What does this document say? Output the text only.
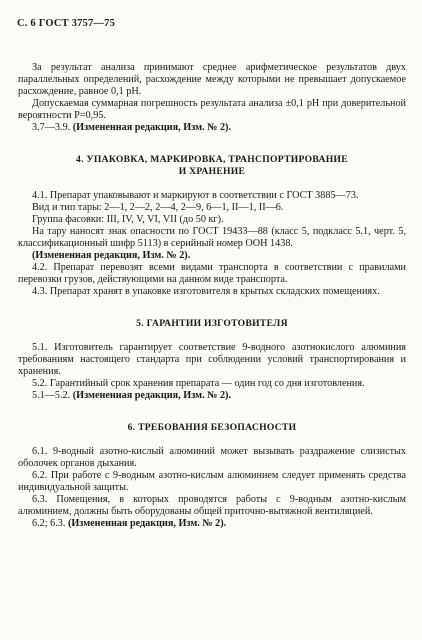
С. 6 ГОСТ 3757—75

За результат анализа принимают среднее арифметическое результатов двух параллельных определений, расхождение между которыми не превышает допускаемое расхождение, равное 0,1 pH.

Допускаемая суммарная погрешность результата анализа ±0,1 pH при доверительной вероятности P=0,95.

3.7—3.9. (Измененная редакция, Изм. № 2).

4. УПАКОВКА, МАРКИРОВКА, ТРАНСПОРТИРОВАНИЕ

И ХРАНЕНИЕ

4.1. Препарат упаковывают и маркируют в соответствии с ГОСТ 3885—73.

Вид и тип тары: 2—1, 2—2, 2—4, 2—9, 6—1, II—1, II—6.

Группа фасовки: III, IV, V, VI, VII (до 50 кг).

На тару наносят знак опасности по ГОСТ 19433—88 (класс 5, подкласс 5.1, черт. 5, классификационный шифр 5113) в серийный номер ООН 1438.

(Измененная редакция, Изм. № 2).

4.2. Препарат перевозят всеми видами транспорта в соответствии с правилами перевозки грузов, действующими на данном виде транспорта.

4.3. Препарат хранят в упаковке изготовителя в крытых складских помещениях.

5. ГАРАНТИИ ИЗГОТОВИТЕЛЯ

5.1. Изготовитель гарантирует соответствие 9-водного азотнокислого алюминия требованиям настоящего стандарта при соблюдении условий транспортирования и хранения.

5.2. Гарантийный срок хранения препарата — один год со дня изготовления.

5.1—5.2. (Измененная редакция, Изм. № 2).

6. ТРЕБОВАНИЯ БЕЗОПАСНОСТИ

6.1. 9-водный азотно-кислый алюминий может вызывать раздражение слизистых оболочек органов дыхания.

6.2. При работе с 9-водным азотно-кислым алюминием следует применять средства индивидуальной защиты.

6.3. Помещения, в которых проводятся работы с 9-водным азотно-кислым алюминием, должны быть оборудованы общей приточно-вытяжной вентиляцией.

6.2; 6.3. (Измененная редакция, Изм. № 2).
